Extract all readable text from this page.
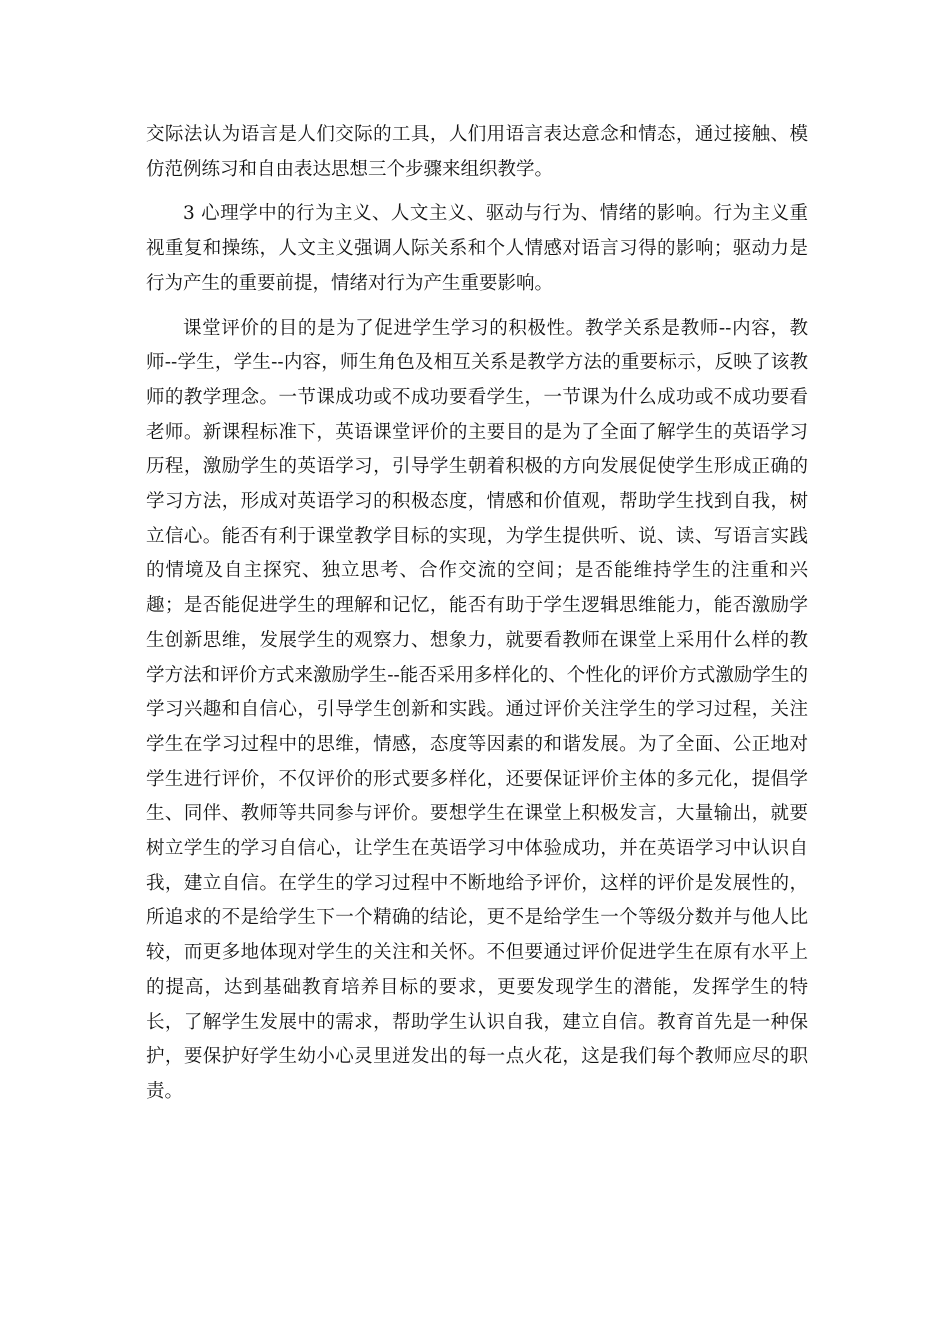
交际法认为语言是人们交际的工具，人们用语言表达意念和情态，通过接触、模仿范例练习和自由表达思想三个步骤来组织教学。

3 心理学中的行为主义、人文主义、驱动与行为、情绪的影响。行为主义重视重复和操练，人文主义强调人际关系和个人情感对语言习得的影响；驱动力是行为产生的重要前提，情绪对行为产生重要影响。

课堂评价的目的是为了促进学生学习的积极性。教学关系是教师--内容，教师--学生，学生--内容，师生角色及相互关系是教学方法的重要标示，反映了该教师的教学理念。一节课成功或不成功要看学生，一节课为什么成功或不成功要看老师。新课程标准下，英语课堂评价的主要目的是为了全面了解学生的英语学习历程，激励学生的英语学习，引导学生朝着积极的方向发展促使学生形成正确的学习方法，形成对英语学习的积极态度，情感和价值观，帮助学生找到自我，树立信心。能否有利于课堂教学目标的实现，为学生提供听、说、读、写语言实践的情境及自主探究、独立思考、合作交流的空间；是否能维持学生的注重和兴趣；是否能促进学生的理解和记忆，能否有助于学生逻辑思维能力，能否激励学生创新思维，发展学生的观察力、想象力，就要看教师在课堂上采用什么样的教学方法和评价方式来激励学生--能否采用多样化的、个性化的评价方式激励学生的学习兴趣和自信心，引导学生创新和实践。通过评价关注学生的学习过程，关注学生在学习过程中的思维，情感，态度等因素的和谐发展。为了全面、公正地对学生进行评价，不仅评价的形式要多样化，还要保证评价主体的多元化，提倡学生、同伴、教师等共同参与评价。要想学生在课堂上积极发言，大量输出，就要树立学生的学习自信心，让学生在英语学习中体验成功，并在英语学习中认识自我，建立自信。在学生的学习过程中不断地给予评价，这样的评价是发展性的，所追求的不是给学生下一个精确的结论，更不是给学生一个等级分数并与他人比较，而更多地体现对学生的关注和关怀。不但要通过评价促进学生在原有水平上的提高，达到基础教育培养目标的要求，更要发现学生的潜能，发挥学生的特长，了解学生发展中的需求，帮助学生认识自我，建立自信。教育首先是一种保护，要保护好学生幼小心灵里迸发出的每一点火花，这是我们每个教师应尽的职责。
